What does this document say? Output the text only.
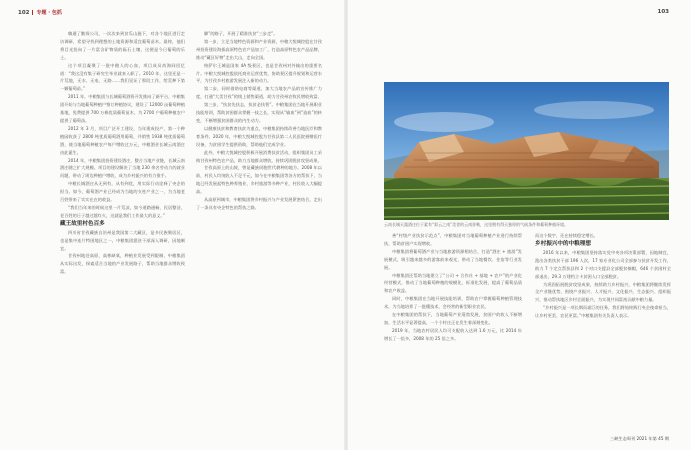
102 专题 · 包抓	103

嗨通了勤探公司，一次次来到贫瓜山施下，对各个地区进行走访调研，希望寻找到理想的土地资源和适宜葡萄苗木。最终，他们将目光投向了一片富含矿物质的砾石土壤，这便是今日葡萄的乐土。

这个项目凝聚了一批中粮人的心血，项目成员尚海同回忆道：“我这没有集子研究生毕业就来入职了。2010 年，这里还是一片荒地，无水、无电、无路……我们见证了那段工作，给荒种下第一颗葡萄苗。”

2011 年，中粮集团与长城葡萄酒资开发推向了新平台，中粮集团开始与当地葡萄种植户签订种植协议，建设了 12000 亩葡萄种植基地，免费提供 700 万株优质葡萄苗木，为 2700 户葡萄种植农户提供了葡萄苗。

2012 年 3 月，项目广泛开工建设，当年建成投产，第一个种植园收获了 2800 吨优质葡萄酒用葡萄，并销售 1938 吨优质葡萄酒，使当地葡萄种植农户每户增收过万元，中粮酒业长城云南酒庄由此诞生。

2014 年，中粮集团投资建设酒庄，整合当地产业链，长城云南酒庄随之扩大规模。项目的建设解决了当地 230 余名劳动力的就业问题，带动了周边种植户增收，成为乡村振兴的有力推手。

中粮长城酒庄从无到有，从有到优，用实际行动诠释了央企的担当。如今，葡萄酒产业已经成为当地的支柱产业之一，为当地老百姓带来了实实在在的收益。

“我们当年来的时候这里一片荒凉，如今道路通畅、民居整洁，老百姓的日子越过越红火，这就是我们工作最大的意义。”

藏王故里村色百多

四川省甘孜藏族自治州是我国第二大藏区，是多民族聚居区，也是集中连片特困地区之一。中粮集团派驻干部深入调研，因地制宜。

甘孜州地处高原，高寒缺氧，种植业发展受到限制，中粮集团从实际出发，探索适合当地的产业发展路子，帮助当地群众增收致富。

脚”的路子，开展了精准扶贫“三步走”。

第一步，立足当地特色资源和产业资源，中粮大悦城控股在甘孜州投资建设海拔高原特色农产品加工厂，打造高原特色农产品品牌，推动“藏区好物”走出大山，走向全国。

格萨尔王城是国家 4A 级景区，也是甘孜州对外输出的重要名片。中粮大悦城控股依托商业运营优势，协助景区提升规划和运营水平，为甘孜乡村旅游发展注入新的动力。

第二步，同时借助电商等渠道，加大当地农产品的宣传推广力度，打通“大美甘孜”的线上销售渠道，助力甘孜州农牧民增收致富。

第三步，“扶贫先扶志，扶贫必扶智”。中粮集团在当地开展职业技能培训，帮助贫困群众掌握一技之长，实现从“输血”到“造血”的转变，不断增强贫困群众的内生动力。

以健康扶贫和教育扶贫为重点，中粮集团持续改善当地医疗和教育条件。2020 年，中粮大悦城控股为甘孜县第二人民医院捐赠医疗设备，为贫困学生提供资助，帮助他们完成学业。

此外，中粮大悦城控股积极开展消费扶贫活动，组织集团员工采购甘孜州特色农产品，助力当地群众增收，持续巩固脱贫攻坚成果。

甘孜高原上的山坡，曾是藏族同胞世代耕种的地方。2008 年以前，村民人均纯收入不足千元，如今在中粮集团等各方的帮扶下，当地已经发展起特色种养殖业、乡村旅游等多种产业，村民收入大幅提高。

从高原到城市，中粮集团将乡村振兴与产业发展紧密结合，走出了一条具有央企特色的帮扶之路。

云南长城天露酒庄位于素有“彩云之南”美誉的云南弥勒，这里拥有得天独厚的气候条件和葡萄种植环境。

善“村级产业扶贫示范点”，中粮集团对当地葡萄种植产业进行持续帮扶，帮助贫困户实现增收。

中粮集团将葡萄酒产业与当地旅游资源相结合，打造“酒庄 + 旅游”发展模式，吸引越来越多的游客前来观光，带动了当地餐饮、住宿等行业发展。

中粮集团还帮助当地建立了“公司 + 合作社 + 基地 + 农户”的产业化经营模式，推动了当地葡萄种植的规模化、标准化发展，提高了葡萄品质和农户收益。

同时，中粮集团在当地开展技能培训，帮助农户掌握葡萄种植管理技术，为当地培养了一批懂技术、会经营的新型职业农民。

在中粮集团的帮扶下，当地葡萄产业蓬勃发展，贫困户的收入不断增加，生活水平显著提高，一个个村庄正在发生着深刻变化。

2019 年，当地农村居民人均可支配收入达到 1.6 万元，比 2014 年增长了一倍多，2008 年的 25 倍之多。

而这个数字，还在持续稳定增长。

乡村振兴中的中粮理想

2016 年以来，中粮集团坚持落实党中央各项决策部署，因地制宜，派出各类扶贫干部 196 人次，17 家专业化公司全部参与扶贫开发工作，助力 7 个定点帮扶县和 2 个对口支援县全部脱贫摘帽，646 个贫困村全部退出，29.3 万建档立卡贫困人口全部脱贫。

为巩固拓展脱贫攻坚成果，持续助力乡村振兴，中粮集团将继续发挥全产业链优势，围绕产业振兴、人才振兴、文化振兴、生态振兴、组织振兴，推动帮扶地区乡村全面振兴，为实现共同富裕贡献中粮力量。

“乡村振兴是一项长期而艰巨的任务，我们将始终践行央企使命担当，让乡村更美、农民更富。”中粮集团有关负责人表示。

三峡生态周刊 2021 年第 45 期
